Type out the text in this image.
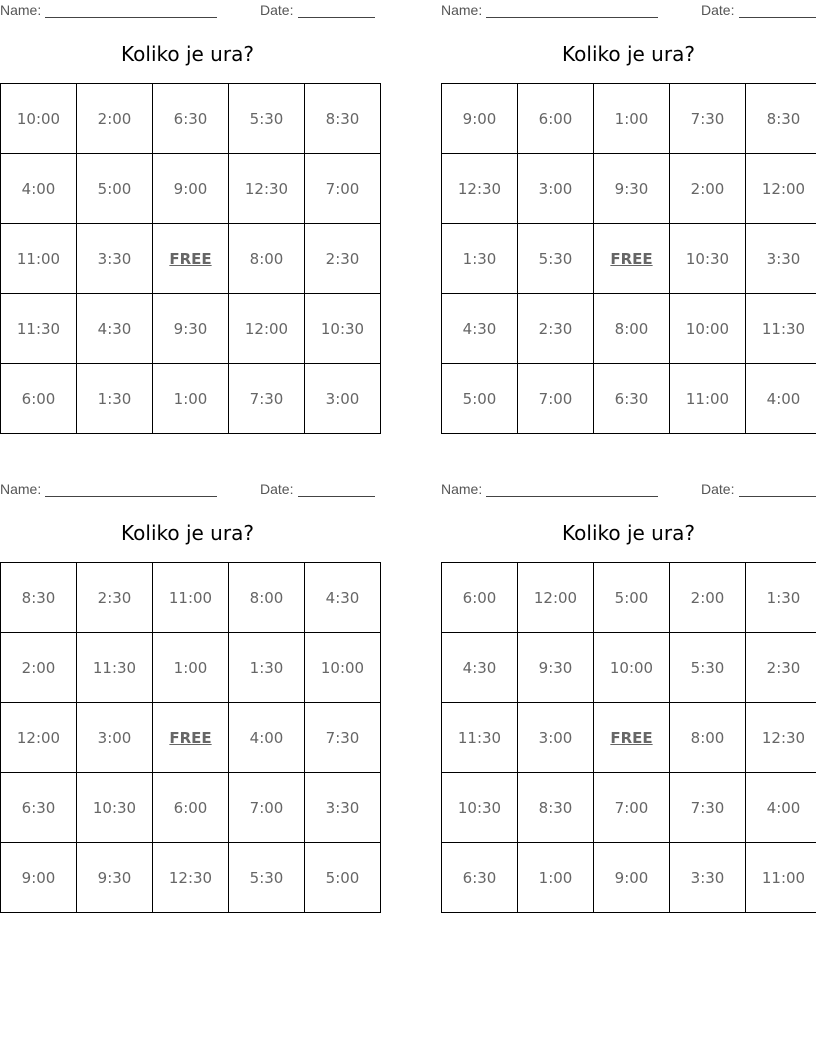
Name:	Date:
Koliko je ura?
10:00	2:00	6:30	5:30	8:30
4:00	5:00	9:00	12:30	7:00
11:00	3:30	FREE	8:00	2:30
11:30	4:30	9:30	12:00	10:30
6:00	1:30	1:00	7:30	3:00
Name:	Date:
Koliko je ura?
9:00	6:00	1:00	7:30	8:30
12:30	3:00	9:30	2:00	12:00
1:30	5:30	FREE	10:30	3:30
4:30	2:30	8:00	10:00	11:30
5:00	7:00	6:30	11:00	4:00
Name:	Date:
Koliko je ura?
8:30	2:30	11:00	8:00	4:30
2:00	11:30	1:00	1:30	10:00
12:00	3:00	FREE	4:00	7:30
6:30	10:30	6:00	7:00	3:30
9:00	9:30	12:30	5:30	5:00
Name:	Date:
Koliko je ura?
6:00	12:00	5:00	2:00	1:30
4:30	9:30	10:00	5:30	2:30
11:30	3:00	FREE	8:00	12:30
10:30	8:30	7:00	7:30	4:00
6:30	1:00	9:00	3:30	11:00
